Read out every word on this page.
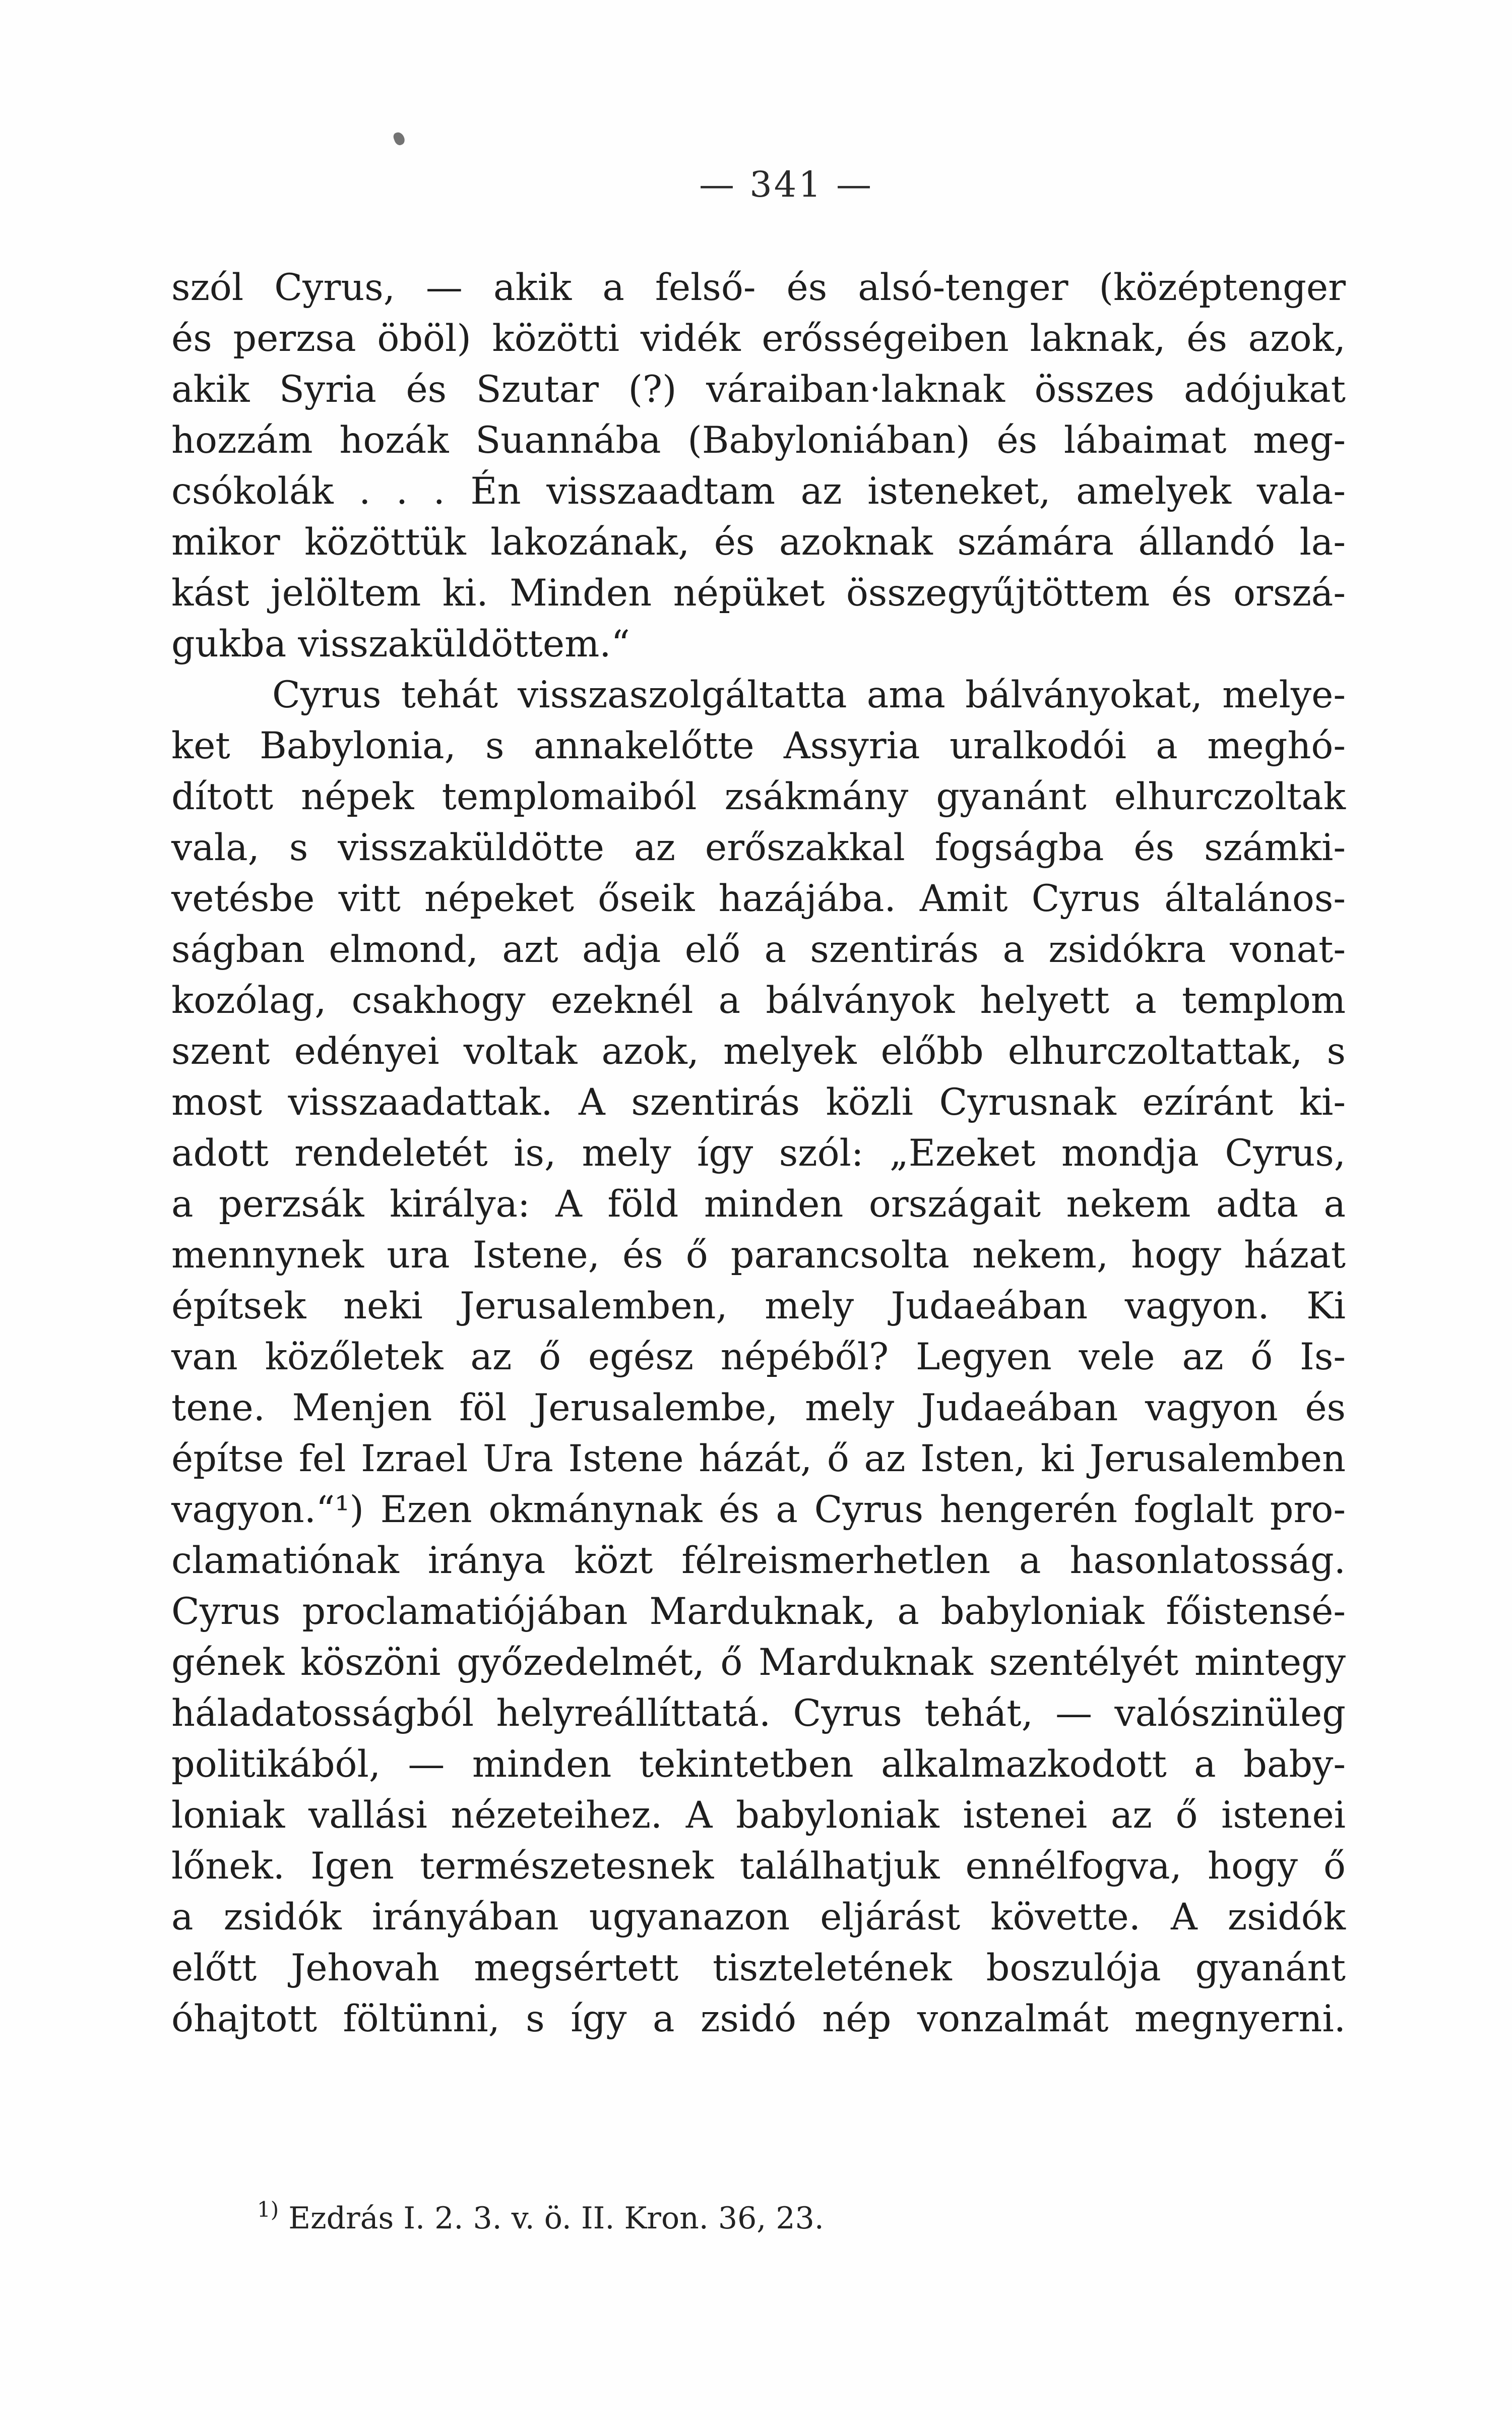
— 341 —
szól Cyrus, — akik a felső- és alsó-tenger (középtenger
és perzsa öböl) közötti vidék erősségeiben laknak, és azok,
akik Syria és Szutar (?) váraiban·laknak összes adójukat
hozzám hozák Suannába (Babyloniában) és lábaimat meg-
csókolák . . . Én visszaadtam az isteneket, amelyek vala-
mikor közöttük lakozának, és azoknak számára állandó la-
kást jelöltem ki. Minden népüket összegyűjtöttem és orszá-
gukba visszaküldöttem.“
Cyrus tehát visszaszolgáltatta ama bálványokat, melye-
ket Babylonia, s annakelőtte Assyria uralkodói a meghó-
dított népek templomaiból zsákmány gyanánt elhurczoltak
vala, s visszaküldötte az erőszakkal fogságba és számki-
vetésbe vitt népeket őseik hazájába. Amit Cyrus általános-
ságban elmond, azt adja elő a szentirás a zsidókra vonat-
kozólag, csakhogy ezeknél a bálványok helyett a templom
szent edényei voltak azok, melyek előbb elhurczoltattak, s
most visszaadattak. A szentirás közli Cyrusnak ezíránt ki-
adott rendeletét is, mely így szól: „Ezeket mondja Cyrus,
a perzsák királya: A föld minden országait nekem adta a
mennynek ura Istene, és ő parancsolta nekem, hogy házat
építsek neki Jerusalemben, mely Judaeában vagyon. Ki
van közőletek az ő egész népéből? Legyen vele az ő Is-
tene. Menjen föl Jerusalembe, mely Judaeában vagyon és
építse fel Izrael Ura Istene házát, ő az Isten, ki Jerusalemben
vagyon.“¹) Ezen okmánynak és a Cyrus hengerén foglalt pro-
clamatiónak iránya közt félreismerhetlen a hasonlatosság.
Cyrus proclamatiójában Marduknak, a babyloniak főistensé-
gének köszöni győzedelmét, ő Marduknak szentélyét mintegy
háladatosságból helyreállíttatá. Cyrus tehát, — valószinüleg
politikából, — minden tekintetben alkalmazkodott a baby-
loniak vallási nézeteihez. A babyloniak istenei az ő istenei
lőnek. Igen természetesnek találhatjuk ennélfogva, hogy ő
a zsidók irányában ugyanazon eljárást követte. A zsidók
előtt Jehovah megsértett tiszteletének boszulója gyanánt
óhajtott föltünni, s így a zsidó nép vonzalmát megnyerni.
$^{1)}$ Ezdrás I. 2. 3. v. ö. II. Kron. 36, 23.
